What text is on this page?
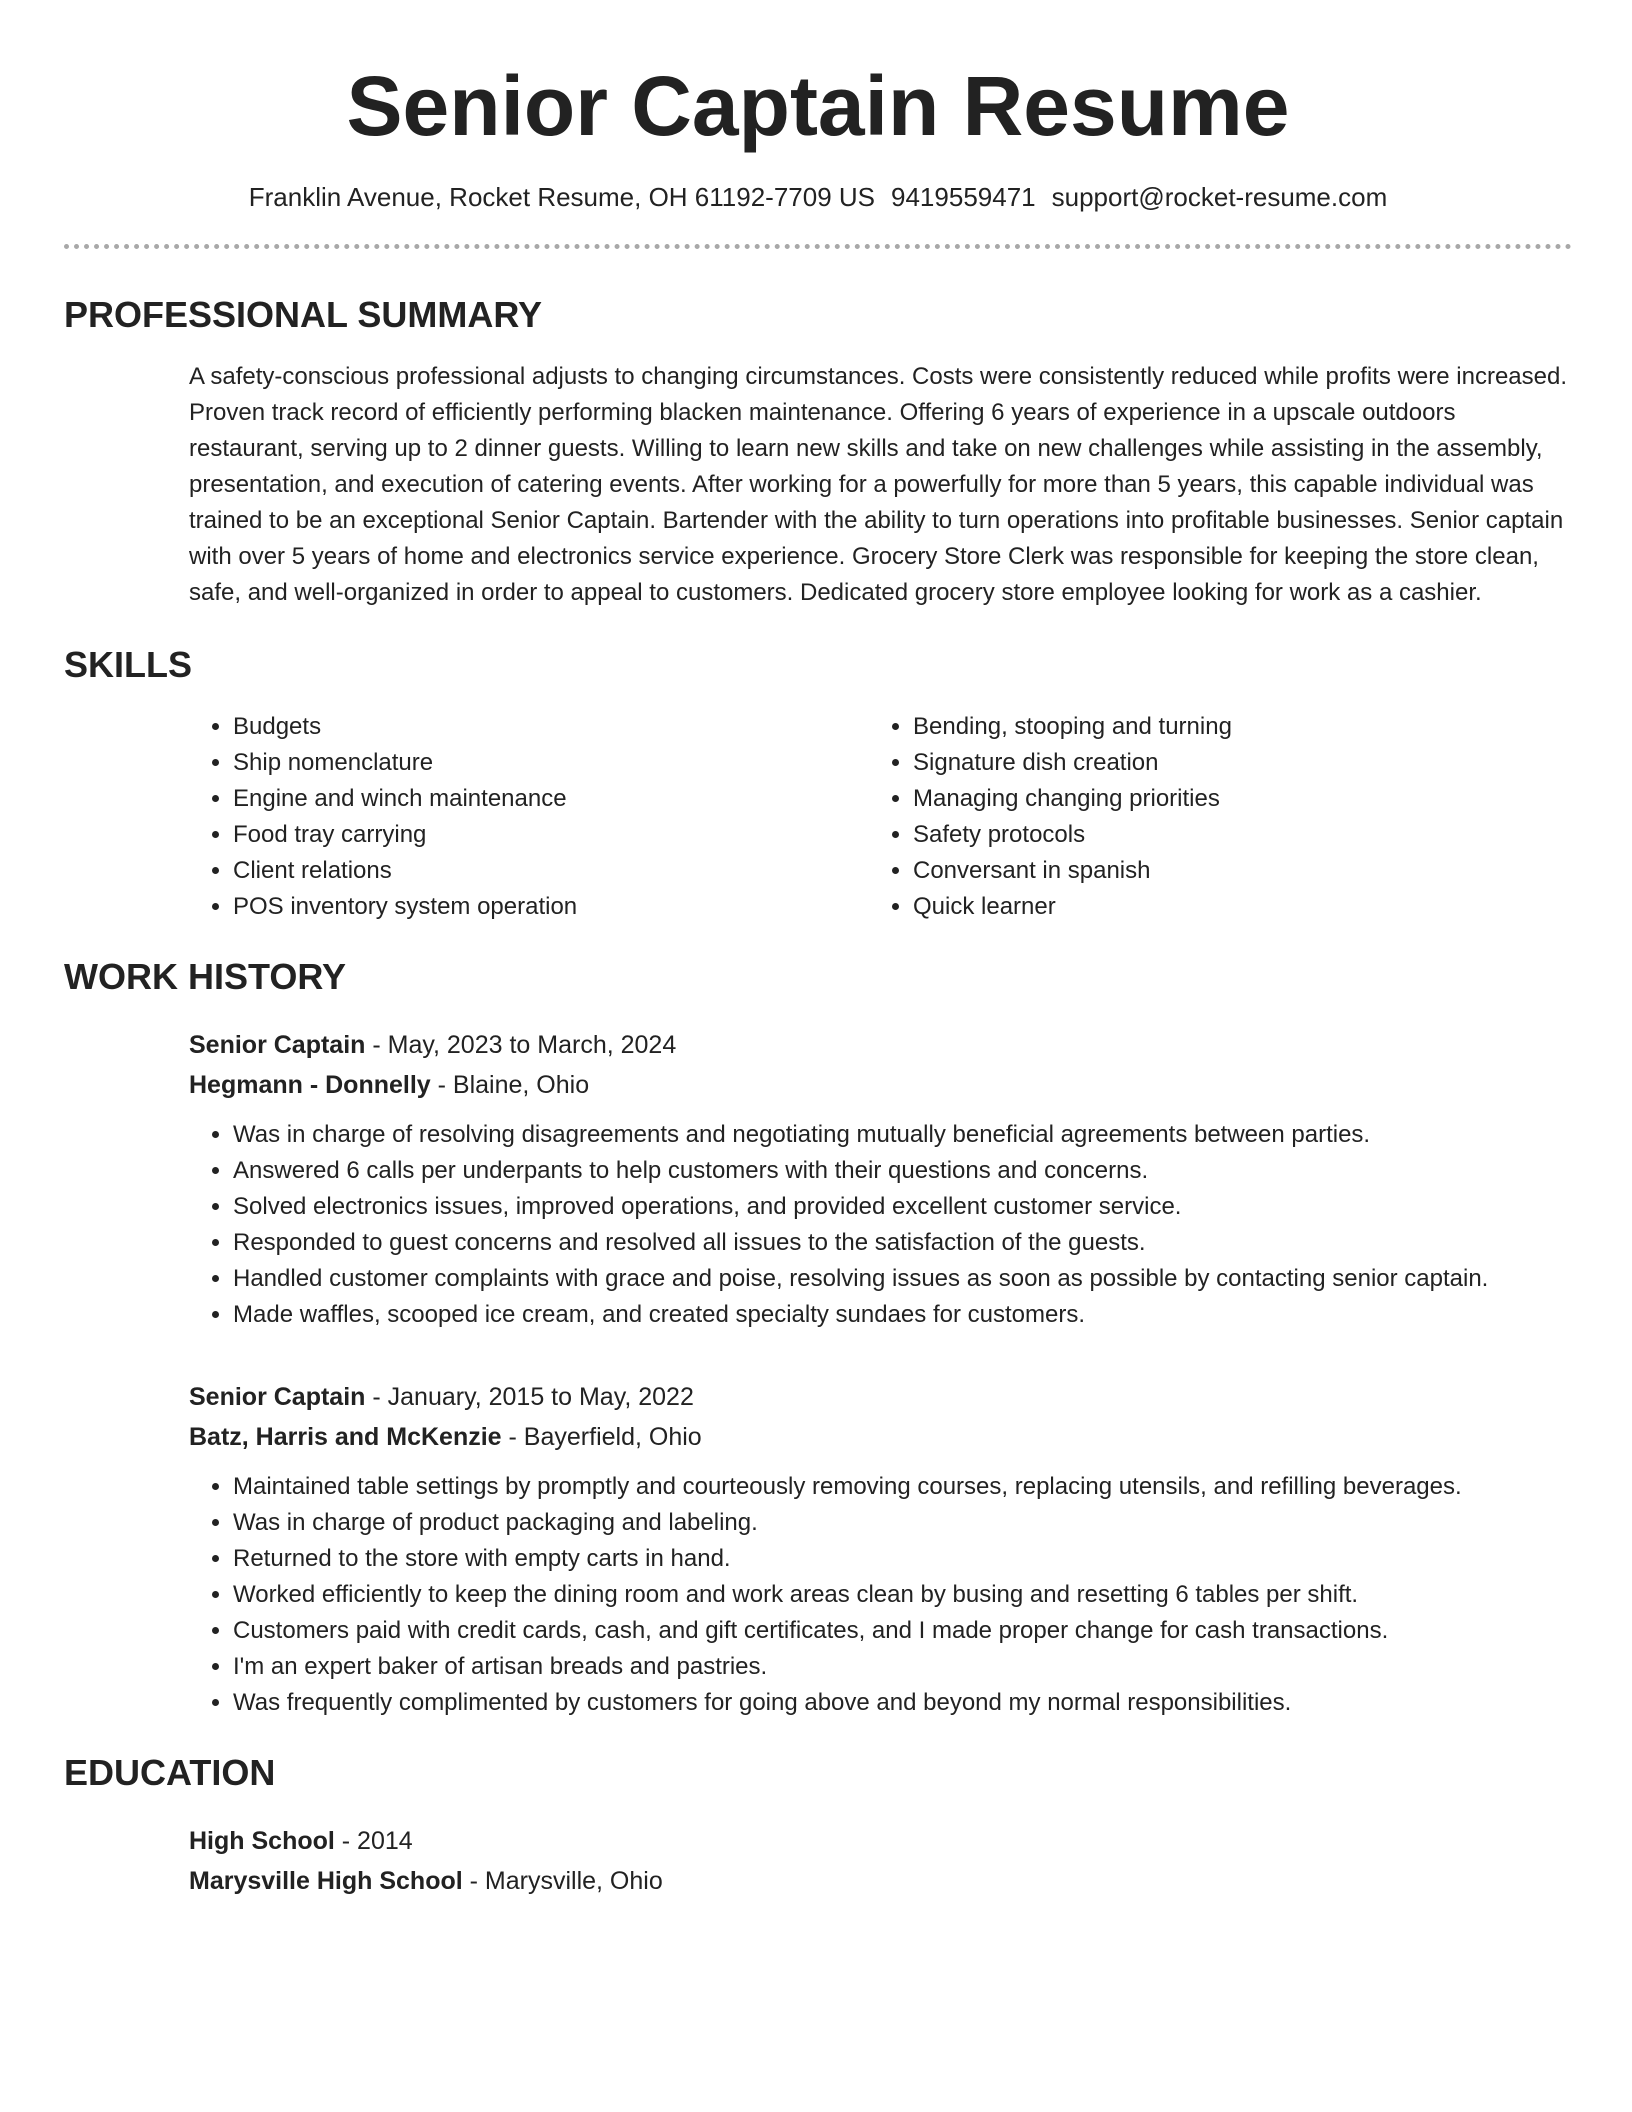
Senior Captain Resume
Franklin Avenue, Rocket Resume, OH 61192-7709 US 9419559471 support@rocket-resume.com
PROFESSIONAL SUMMARY

A safety-conscious professional adjusts to changing circumstances. Costs were consistently reduced while profits were increased. Proven track record of efficiently performing blacken maintenance. Offering 6 years of experience in a upscale outdoors restaurant, serving up to 2 dinner guests. Willing to learn new skills and take on new challenges while assisting in the assembly, presentation, and execution of catering events. After working for a powerfully for more than 5 years, this capable individual was trained to be an exceptional Senior Captain. Bartender with the ability to turn operations into profitable businesses. Senior captain with over 5 years of home and electronics service experience. Grocery Store Clerk was responsible for keeping the store clean, safe, and well-organized in order to appeal to customers. Dedicated grocery store employee looking for work as a cashier.

SKILLS
• Budgets
• Ship nomenclature
• Engine and winch maintenance
• Food tray carrying
• Client relations
• POS inventory system operation
• Bending, stooping and turning
• Signature dish creation
• Managing changing priorities
• Safety protocols
• Conversant in spanish
• Quick learner
WORK HISTORY
Senior Captain - May, 2023 to March, 2024
Hegmann - Donnelly - Blaine, Ohio
• Was in charge of resolving disagreements and negotiating mutually beneficial agreements between parties.
• Answered 6 calls per underpants to help customers with their questions and concerns.
• Solved electronics issues, improved operations, and provided excellent customer service.
• Responded to guest concerns and resolved all issues to the satisfaction of the guests.
• Handled customer complaints with grace and poise, resolving issues as soon as possible by contacting senior captain.
• Made waffles, scooped ice cream, and created specialty sundaes for customers.
Senior Captain - January, 2015 to May, 2022
Batz, Harris and McKenzie - Bayerfield, Ohio
• Maintained table settings by promptly and courteously removing courses, replacing utensils, and refilling beverages.
• Was in charge of product packaging and labeling.
• Returned to the store with empty carts in hand.
• Worked efficiently to keep the dining room and work areas clean by busing and resetting 6 tables per shift.
• Customers paid with credit cards, cash, and gift certificates, and I made proper change for cash transactions.
• I'm an expert baker of artisan breads and pastries.
• Was frequently complimented by customers for going above and beyond my normal responsibilities.
EDUCATION
High School - 2014
Marysville High School - Marysville, Ohio
